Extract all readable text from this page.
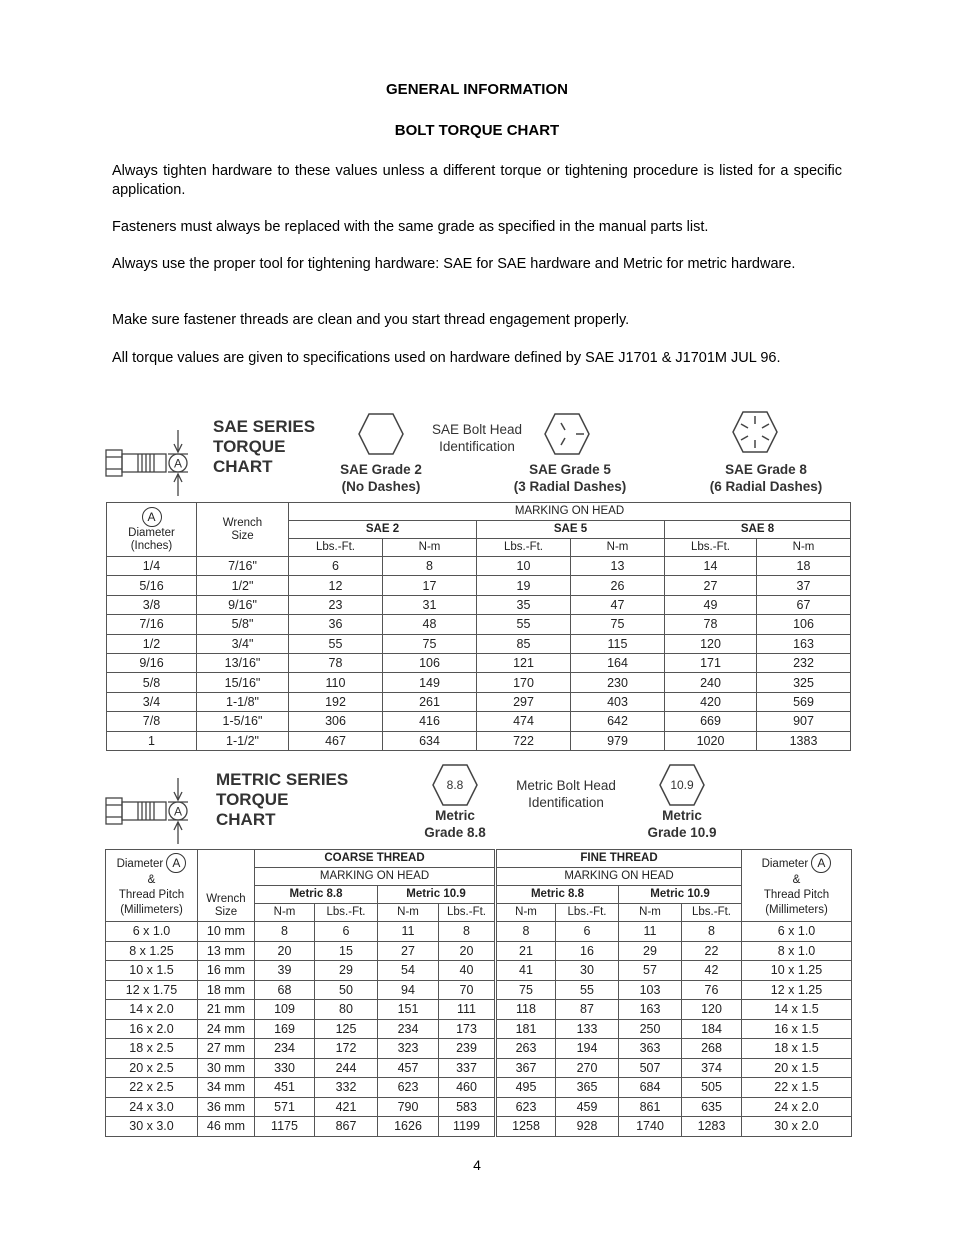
GENERAL INFORMATION
BOLT TORQUE CHART

Always tighten hardware to these values unless a different torque or tightening procedure is listed for a specific application.

Fasteners must always be replaced with the same grade as specified in the manual parts list.

Always use the proper tool for tightening hardware: SAE for SAE hardware and Metric for metric hardware.

Make sure fastener threads are clean and you start thread engagement properly.

All torque values are given to specifications used on hardware defined by SAE J1701 & J1701M JUL 96.

A
SAE SERIES
TORQUE
CHART
SAE Bolt Head
Identification
SAE Grade 2
(No Dashes)
SAE Grade 5
(3 Radial Dashes)
SAE Grade 8
(6 Radial Dashes)
A
Diameter
(Inches)	Wrench
Size	MARKING ON HEAD					
		SAE 2		SAE 5		SAE 8	
		Lbs.-Ft.	N-m	Lbs.-Ft.	N-m	Lbs.-Ft.	N-m
1/4	7/16"	6	8	10	13	14	18
5/16	1/2"	12	17	19	26	27	37
3/8	9/16"	23	31	35	47	49	67
7/16	5/8"	36	48	55	75	78	106
1/2	3/4"	55	75	85	115	120	163
9/16	13/16"	78	106	121	164	171	232
5/8	15/16"	110	149	170	230	240	325
3/4	1-1/8"	192	261	297	403	420	569
7/8	1-5/16"	306	416	474	642	669	907
1	1-1/2"	467	634	722	979	1020	1383
A
METRIC SERIES
TORQUE
CHART
8.8	10.9
Metric Bolt Head
Identification
Metric
Grade 8.8
Metric
Grade 10.9
Diameter A
&
Thread Pitch
(Millimeters)	Wrench
Size	COARSE THREAD				FINE THREAD				Diameter A
&
Thread Pitch
(Millimeters)
		MARKING ON HEAD				MARKING ON HEAD				
		Metric 8.8		Metric 10.9		Metric 8.8		Metric 10.9		
		N-m	Lbs.-Ft.	N-m	Lbs.-Ft.	N-m	Lbs.-Ft.	N-m	Lbs.-Ft.	
6 x 1.0	10 mm	8	6	11	8	8	6	11	8	6 x 1.0
8 x 1.25	13 mm	20	15	27	20	21	16	29	22	8 x 1.0
10 x 1.5	16 mm	39	29	54	40	41	30	57	42	10 x 1.25
12 x 1.75	18 mm	68	50	94	70	75	55	103	76	12 x 1.25
14 x 2.0	21 mm	109	80	151	111	118	87	163	120	14 x 1.5
16 x 2.0	24 mm	169	125	234	173	181	133	250	184	16 x 1.5
18 x 2.5	27 mm	234	172	323	239	263	194	363	268	18 x 1.5
20 x 2.5	30 mm	330	244	457	337	367	270	507	374	20 x 1.5
22 x 2.5	34 mm	451	332	623	460	495	365	684	505	22 x 1.5
24 x 3.0	36 mm	571	421	790	583	623	459	861	635	24 x 2.0
30 x 3.0	46 mm	1175	867	1626	1199	1258	928	1740	1283	30 x 2.0
4
